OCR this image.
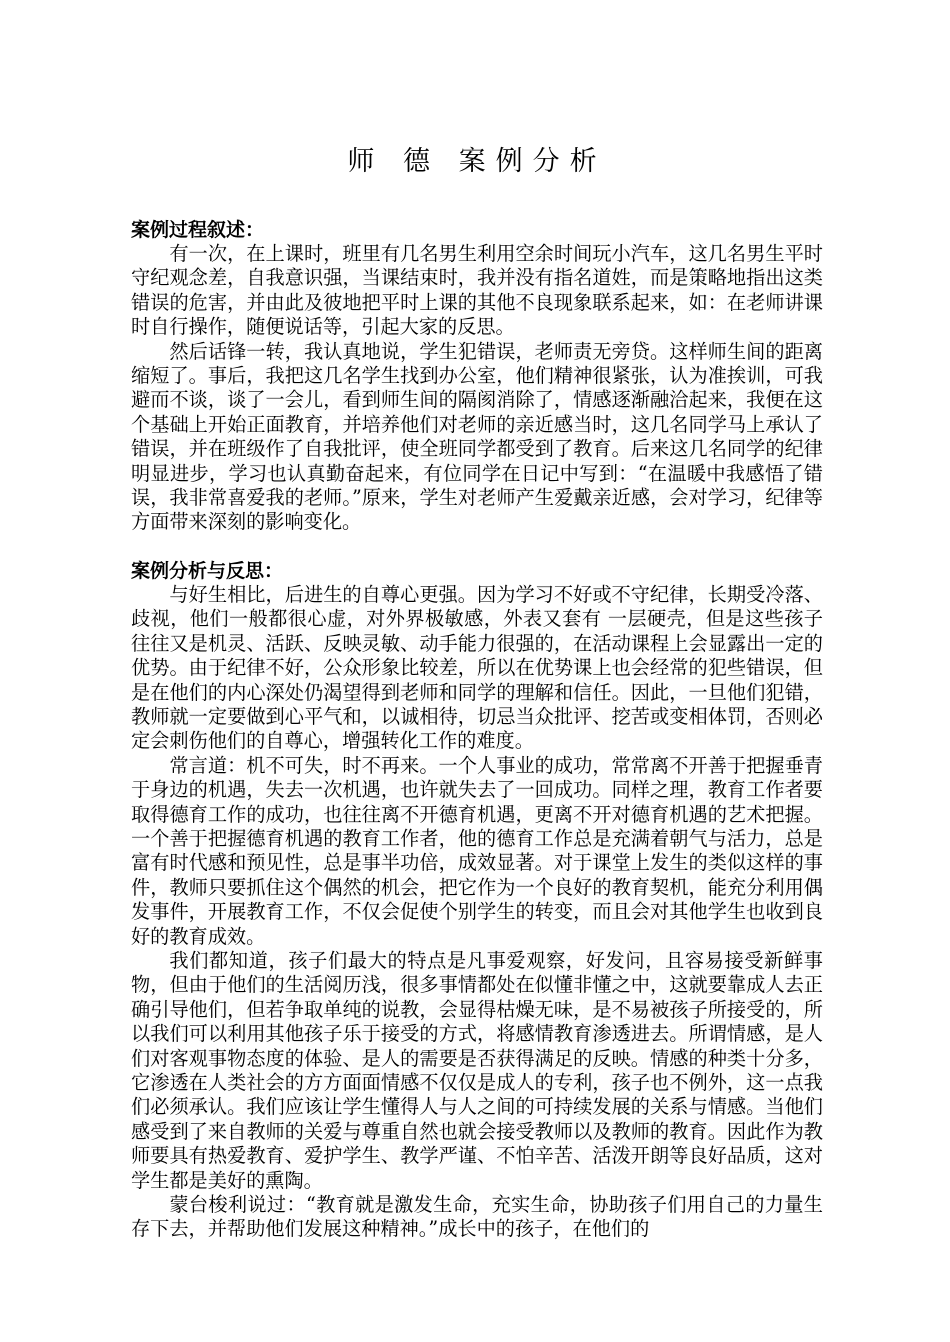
师 德 案例分析
案例过程叙述：

有一次，在上课时，班里有几名男生利用空余时间玩小汽车，这几名男生平时守纪观念差，自我意识强，当课结束时，我并没有指名道姓，而是策略地指出这类错误的危害，并由此及彼地把平时上课的其他不良现象联系起来，如：在老师讲课时自行操作，随便说话等，引起大家的反思。

然后话锋一转，我认真地说，学生犯错误，老师责无旁贷。这样师生间的距离缩短了。事后，我把这几名学生找到办公室，他们精神很紧张，认为准挨训，可我避而不谈，谈了一会儿，看到师生间的隔阂消除了，情感逐渐融洽起来，我便在这个基础上开始正面教育，并培养他们对老师的亲近感当时，这几名同学马上承认了错误，并在班级作了自我批评，使全班同学都受到了教育。后来这几名同学的纪律明显进步，学习也认真勤奋起来，有位同学在日记中写到：“在温暖中我感悟了错误，我非常喜爱我的老师。”原来，学生对老师产生爱戴亲近感，会对学习，纪律等方面带来深刻的影响变化。

案例分析与反思：

与好生相比，后进生的自尊心更强。因为学习不好或不守纪律，长期受冷落、歧视，他们一般都很心虚，对外界极敏感，外表又套有 一层硬壳，但是这些孩子往往又是机灵、活跃、反映灵敏、动手能力很强的，在活动课程上会显露出一定的优势。由于纪律不好，公众形象比较差，所以在优势课上也会经常的犯些错误，但是在他们的内心深处仍渴望得到老师和同学的理解和信任。因此，一旦他们犯错，教师就一定要做到心平气和，以诚相待，切忌当众批评、挖苦或变相体罚，否则必定会刺伤他们的自尊心，增强转化工作的难度。

常言道：机不可失，时不再来。一个人事业的成功，常常离不开善于把握垂青于身边的机遇，失去一次机遇，也许就失去了一回成功。同样之理，教育工作者要取得德育工作的成功，也往往离不开德育机遇，更离不开对德育机遇的艺术把握。一个善于把握德育机遇的教育工作者，他的德育工作总是充满着朝气与活力，总是富有时代感和预见性，总是事半功倍，成效显著。对于课堂上发生的类似这样的事件，教师只要抓住这个偶然的机会，把它作为一个良好的教育契机，能充分利用偶发事件，开展教育工作，不仅会促使个别学生的转变，而且会对其他学生也收到良好的教育成效。

我们都知道，孩子们最大的特点是凡事爱观察，好发问，且容易接受新鲜事物，但由于他们的生活阅历浅，很多事情都处在似懂非懂之中，这就要靠成人去正确引导他们，但若争取单纯的说教，会显得枯燥无味，是不易被孩子所接受的，所以我们可以利用其他孩子乐于接受的方式，将感情教育渗透进去。所谓情感，是人们对客观事物态度的体验、是人的需要是否获得满足的反映。情感的种类十分多，它渗透在人类社会的方方面面情感不仅仅是成人的专利，孩子也不例外，这一点我们必须承认。我们应该让学生懂得人与人之间的可持续发展的关系与情感。当他们感受到了来自教师的关爱与尊重自然也就会接受教师以及教师的教育。因此作为教师要具有热爱教育、爱护学生、教学严谨、不怕辛苦、活泼开朗等良好品质，这对学生都是美好的熏陶。

蒙台梭利说过：“教育就是激发生命，充实生命，协助孩子们用自己的力量生存下去，并帮助他们发展这种精神。”成长中的孩子，在他们的
